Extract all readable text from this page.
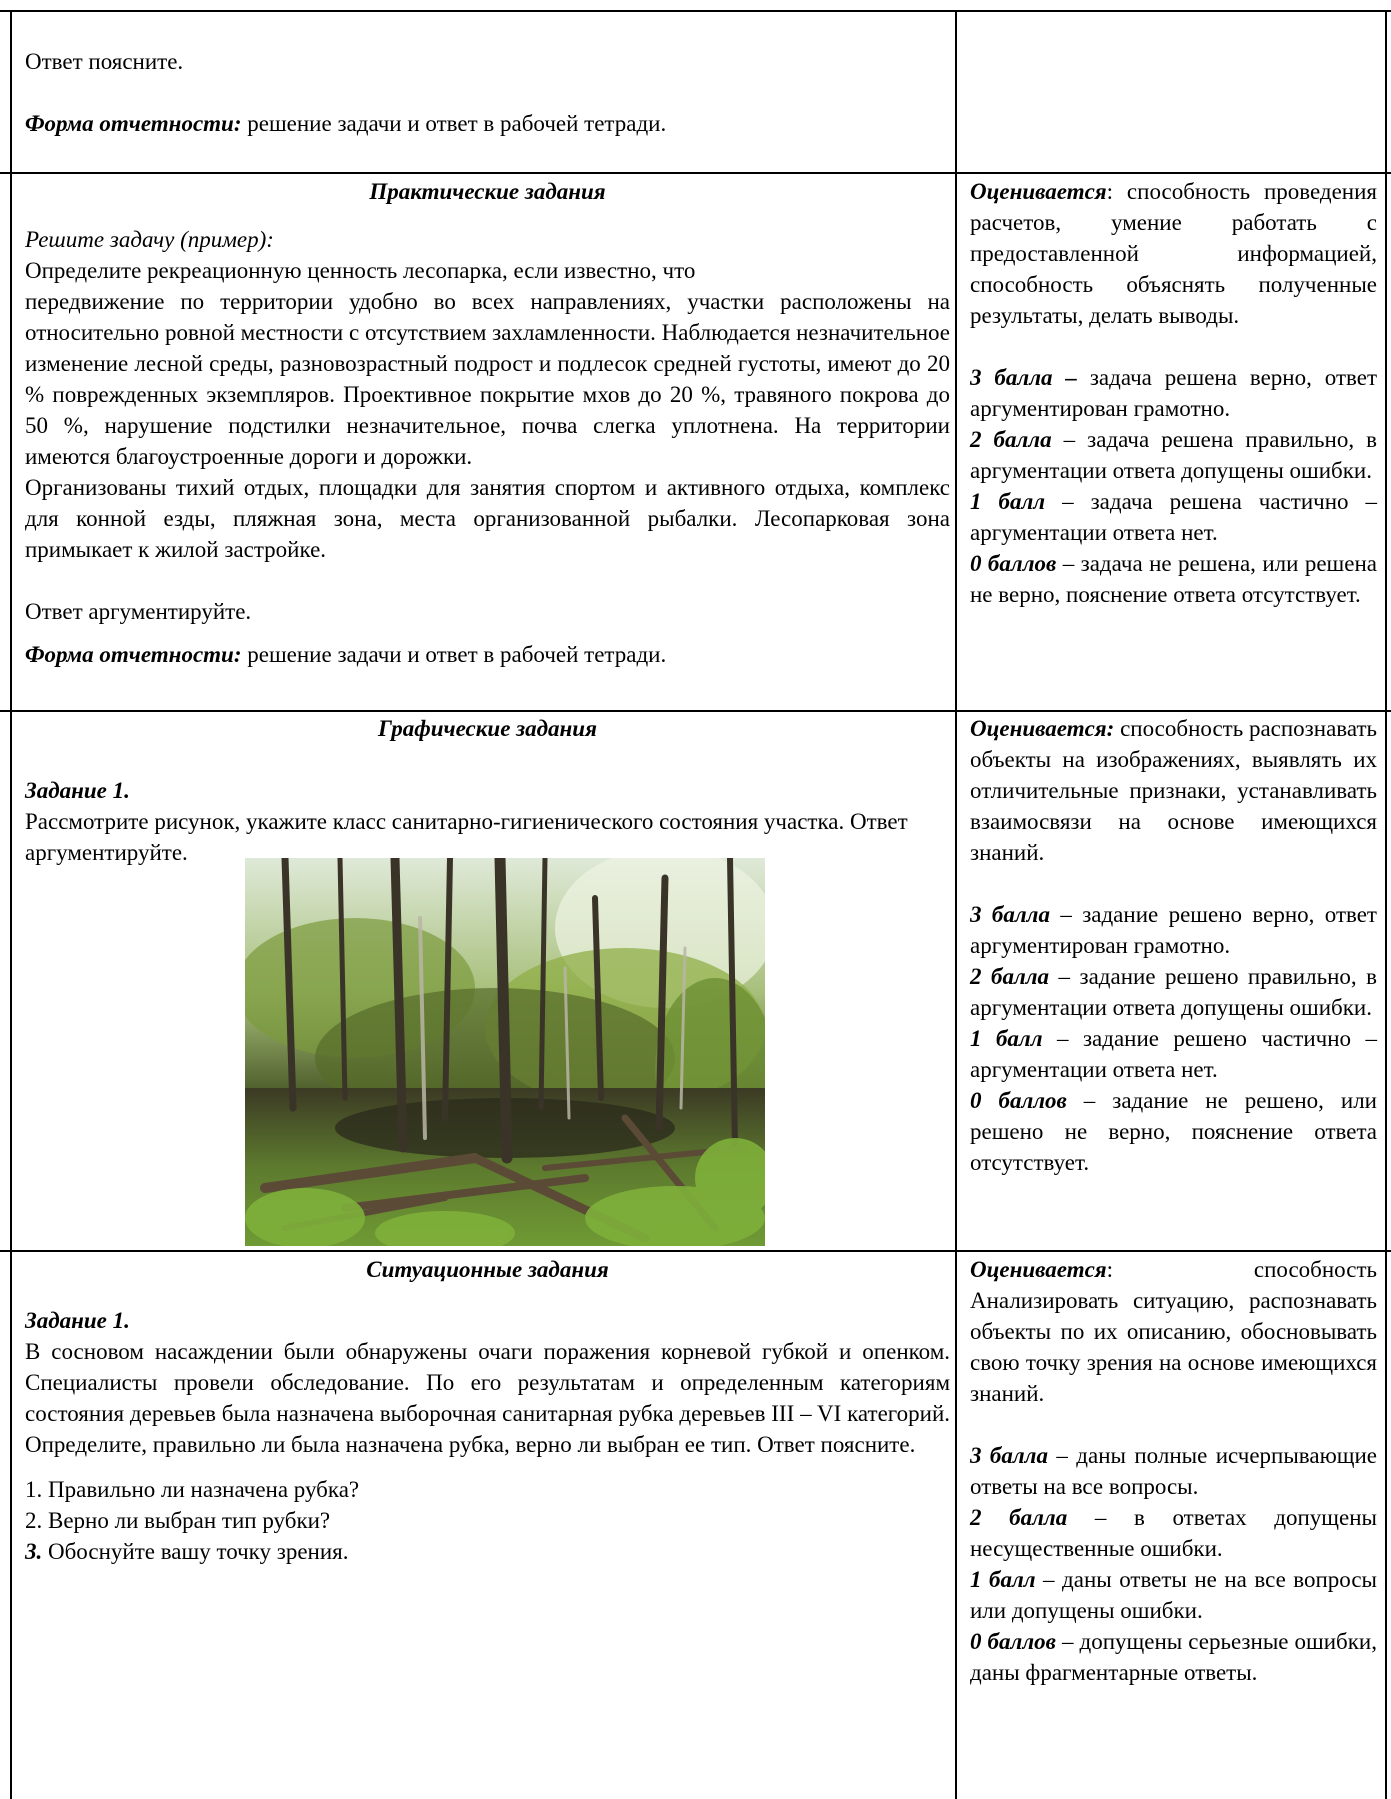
Ответ поясните.

Форма отчетности: решение задачи и ответ в рабочей тетради.

Практические задания

Решите задачу (пример):

Определите рекреационную ценность лесопарка, если известно, что

передвижение по территории удобно во всех направлениях, участки расположены на относительно ровной местности с отсутствием захламленности. Наблюдается незначительное изменение лесной среды, разновозрастный подрост и подлесок средней густоты, имеют до 20 % поврежденных экземпляров. Проективное покрытие мхов до 20 %, травяного покрова до 50 %, нарушение подстилки незначительное, почва слегка уплотнена. На территории имеются благоустроенные дороги и дорожки.

Организованы тихий отдых, площадки для занятия спортом и активного отдыха, комплекс для конной езды, пляжная зона, места организованной рыбалки. Лесопарковая зона примыкает к жилой застройке.

Ответ аргументируйте.

Форма отчетности: решение задачи и ответ в рабочей тетради.

Оценивается: способность проведения расчетов, умение работать с предоставленной информацией, способность объяснять полученные результаты, делать выводы.

3 балла – задача решена верно, ответ аргументирован грамотно.

2 балла – задача решена правильно, в аргументации ответа допущены ошибки.

1 балл – задача решена частично – аргументации ответа нет.

0 баллов – задача не решена, или решена не верно, пояснение ответа отсутствует.

Графические задания

Задание 1.

Рассмотрите рисунок, укажите класс санитарно-гигиенического состояния участка. Ответ аргументируйте.

Оценивается: способность распознавать объекты на изображениях, выявлять их отличительные признаки, устанавливать взаимосвязи на основе имеющихся знаний.

3 балла – задание решено верно, ответ аргументирован грамотно.

2 балла – задание решено правильно, в аргументации ответа допущены ошибки.

1 балл – задание решено частично – аргументации ответа нет.

0 баллов – задание не решено, или решено не верно, пояснение ответа отсутствует.

Ситуационные задания

Задание 1.

В сосновом насаждении были обнаружены очаги поражения корневой губкой и опенком. Специалисты провели обследование. По его результатам и определенным категориям состояния деревьев была назначена выборочная санитарная рубка деревьев III – VI категорий. Определите, правильно ли была назначена рубка, верно ли выбран ее тип. Ответ поясните.

1. Правильно ли назначена рубка?

2. Верно ли выбран тип рубки?

3. Обоснуйте вашу точку зрения.

Оценивается: способность Анализировать ситуацию, распознавать объекты по их описанию, обосновывать свою точку зрения на основе имеющихся знаний.

3 балла – даны полные исчерпывающие ответы на все вопросы.

2 балла – в ответах допущены несущественные ошибки.

1 балл – даны ответы не на все вопросы или допущены ошибки.

0 баллов – допущены серьезные ошибки, даны фрагментарные ответы.
